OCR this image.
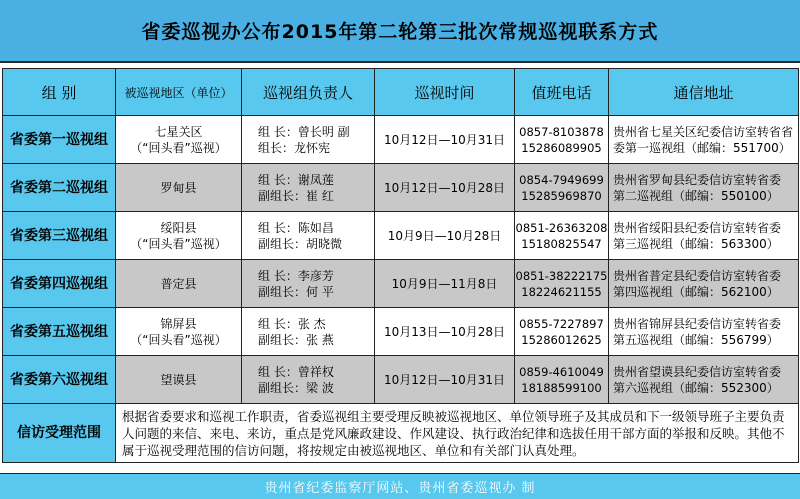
省委巡视办公布2015年第二轮第三批次常规巡视联系方式
组 别	被巡视地区（单位）	巡视组负责人	巡视时间	值班电话	通信地址
省委第一巡视组	七星关区
（“回头看”巡视）	组 长：曾长明 副
组长：龙怀宪	10月12日—10月31日	0857-8103878
15286089905	贵州省七星关区纪委信访室转省省
委第一巡视组（邮编：551700）

省委第二巡视组	罗甸县	组 长：谢凤莲
副组长：崔 红	10月12日—10月28日	0854-7949699
15285969870	贵州省罗甸县纪委信访室转省委
第二巡视组（邮编：550100）

省委第三巡视组	绥阳县
（“回头看”巡视）	组 长：陈如昌
副组长：胡晓微	10月9日—10月28日	0851-26363208
15180825547	贵州省绥阳县纪委信访室转省委
第三巡视组（邮编：563300）

省委第四巡视组	普定县	组 长：李彦芳
副组长：何 平	10月9日—11月8日	0851-38222175
18224621155	贵州省普定县纪委信访室转省委
第四巡视组（邮编：562100）

省委第五巡视组	锦屏县
（“回头看”巡视）	组 长：张 杰
副组长：张 燕	10月13日—10月28日	0855-7227897
15286012625	贵州省锦屏县纪委信访室转省委
第五巡视组（邮编：556799）

省委第六巡视组	望谟县	组 长：曾祥权
副组长：梁 波	10月12日—10月31日	0859-4610049
18188599100	贵州省望谟县纪委信访室转省委
第六巡视组（邮编：552300）

信访受理范围	根据省委要求和巡视工作职责，省委巡视组主要受理反映被巡视地区、单位领导班子及其成员和下一级领导班子主要负责人问题的来信、来电、来访，重点是党风廉政建设、作风建设、执行政治纪律和选拔任用干部方面的举报和反映。其他不属于巡视受理范围的信访问题，将按规定由被巡视地区、单位和有关部门认真处理。				
贵州省纪委监察厅网站、贵州省委巡视办 制
